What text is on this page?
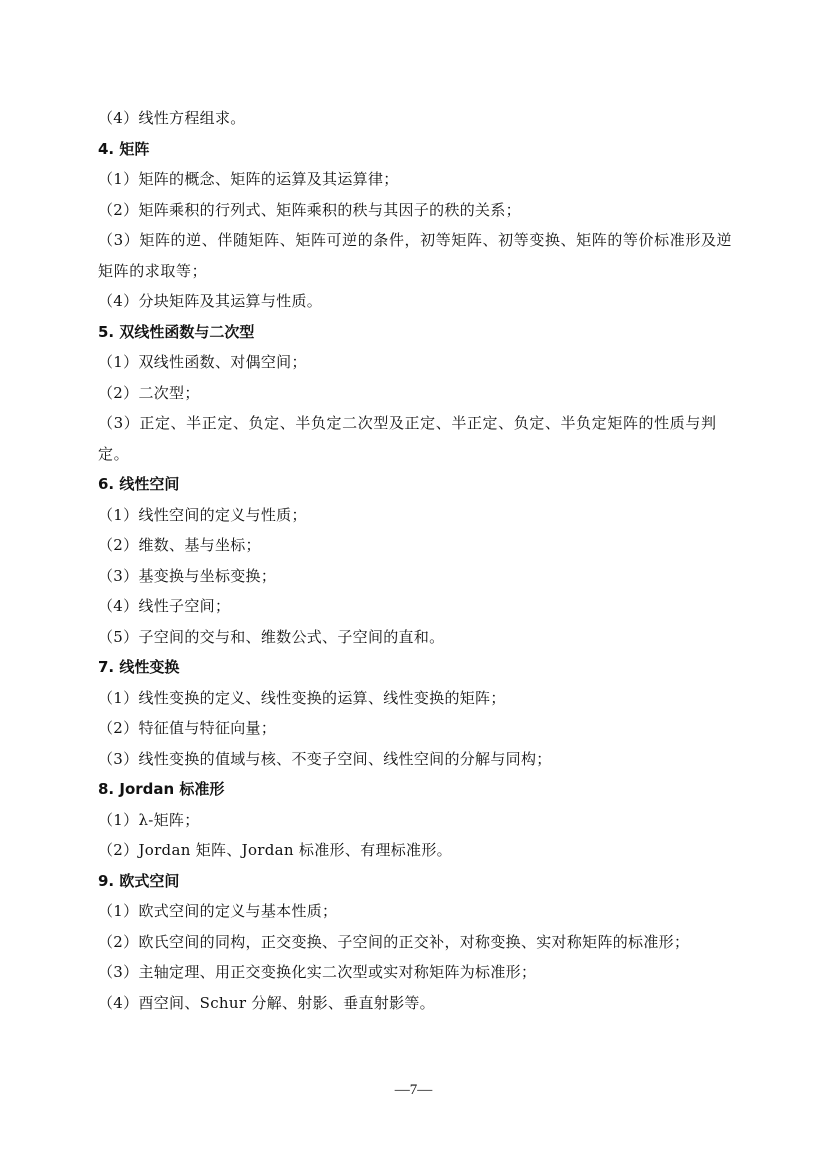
（4）线性方程组求。
4. 矩阵
（1）矩阵的概念、矩阵的运算及其运算律；
（2）矩阵乘积的行列式、矩阵乘积的秩与其因子的秩的关系；
（3）矩阵的逆、伴随矩阵、矩阵可逆的条件，初等矩阵、初等变换、矩阵的等价标准形及逆矩阵的求取等；
（4）分块矩阵及其运算与性质。
5. 双线性函数与二次型
（1）双线性函数、对偶空间；
（2）二次型；
（3）正定、半正定、负定、半负定二次型及正定、半正定、负定、半负定矩阵的性质与判定。
6. 线性空间
（1）线性空间的定义与性质；
（2）维数、基与坐标；
（3）基变换与坐标变换；
（4）线性子空间；
（5）子空间的交与和、维数公式、子空间的直和。
7. 线性变换
（1）线性变换的定义、线性变换的运算、线性变换的矩阵；
（2）特征值与特征向量；
（3）线性变换的值域与核、不变子空间、线性空间的分解与同构；
8. Jordan 标准形
（1）λ-矩阵；
（2）Jordan 矩阵、Jordan 标准形、有理标准形。
9. 欧式空间
（1）欧式空间的定义与基本性质；
（2）欧氏空间的同构，正交变换、子空间的正交补，对称变换、实对称矩阵的标准形；
（3）主轴定理、用正交变换化实二次型或实对称矩阵为标准形；
（4）酉空间、Schur 分解、射影、垂直射影等。
—7—
